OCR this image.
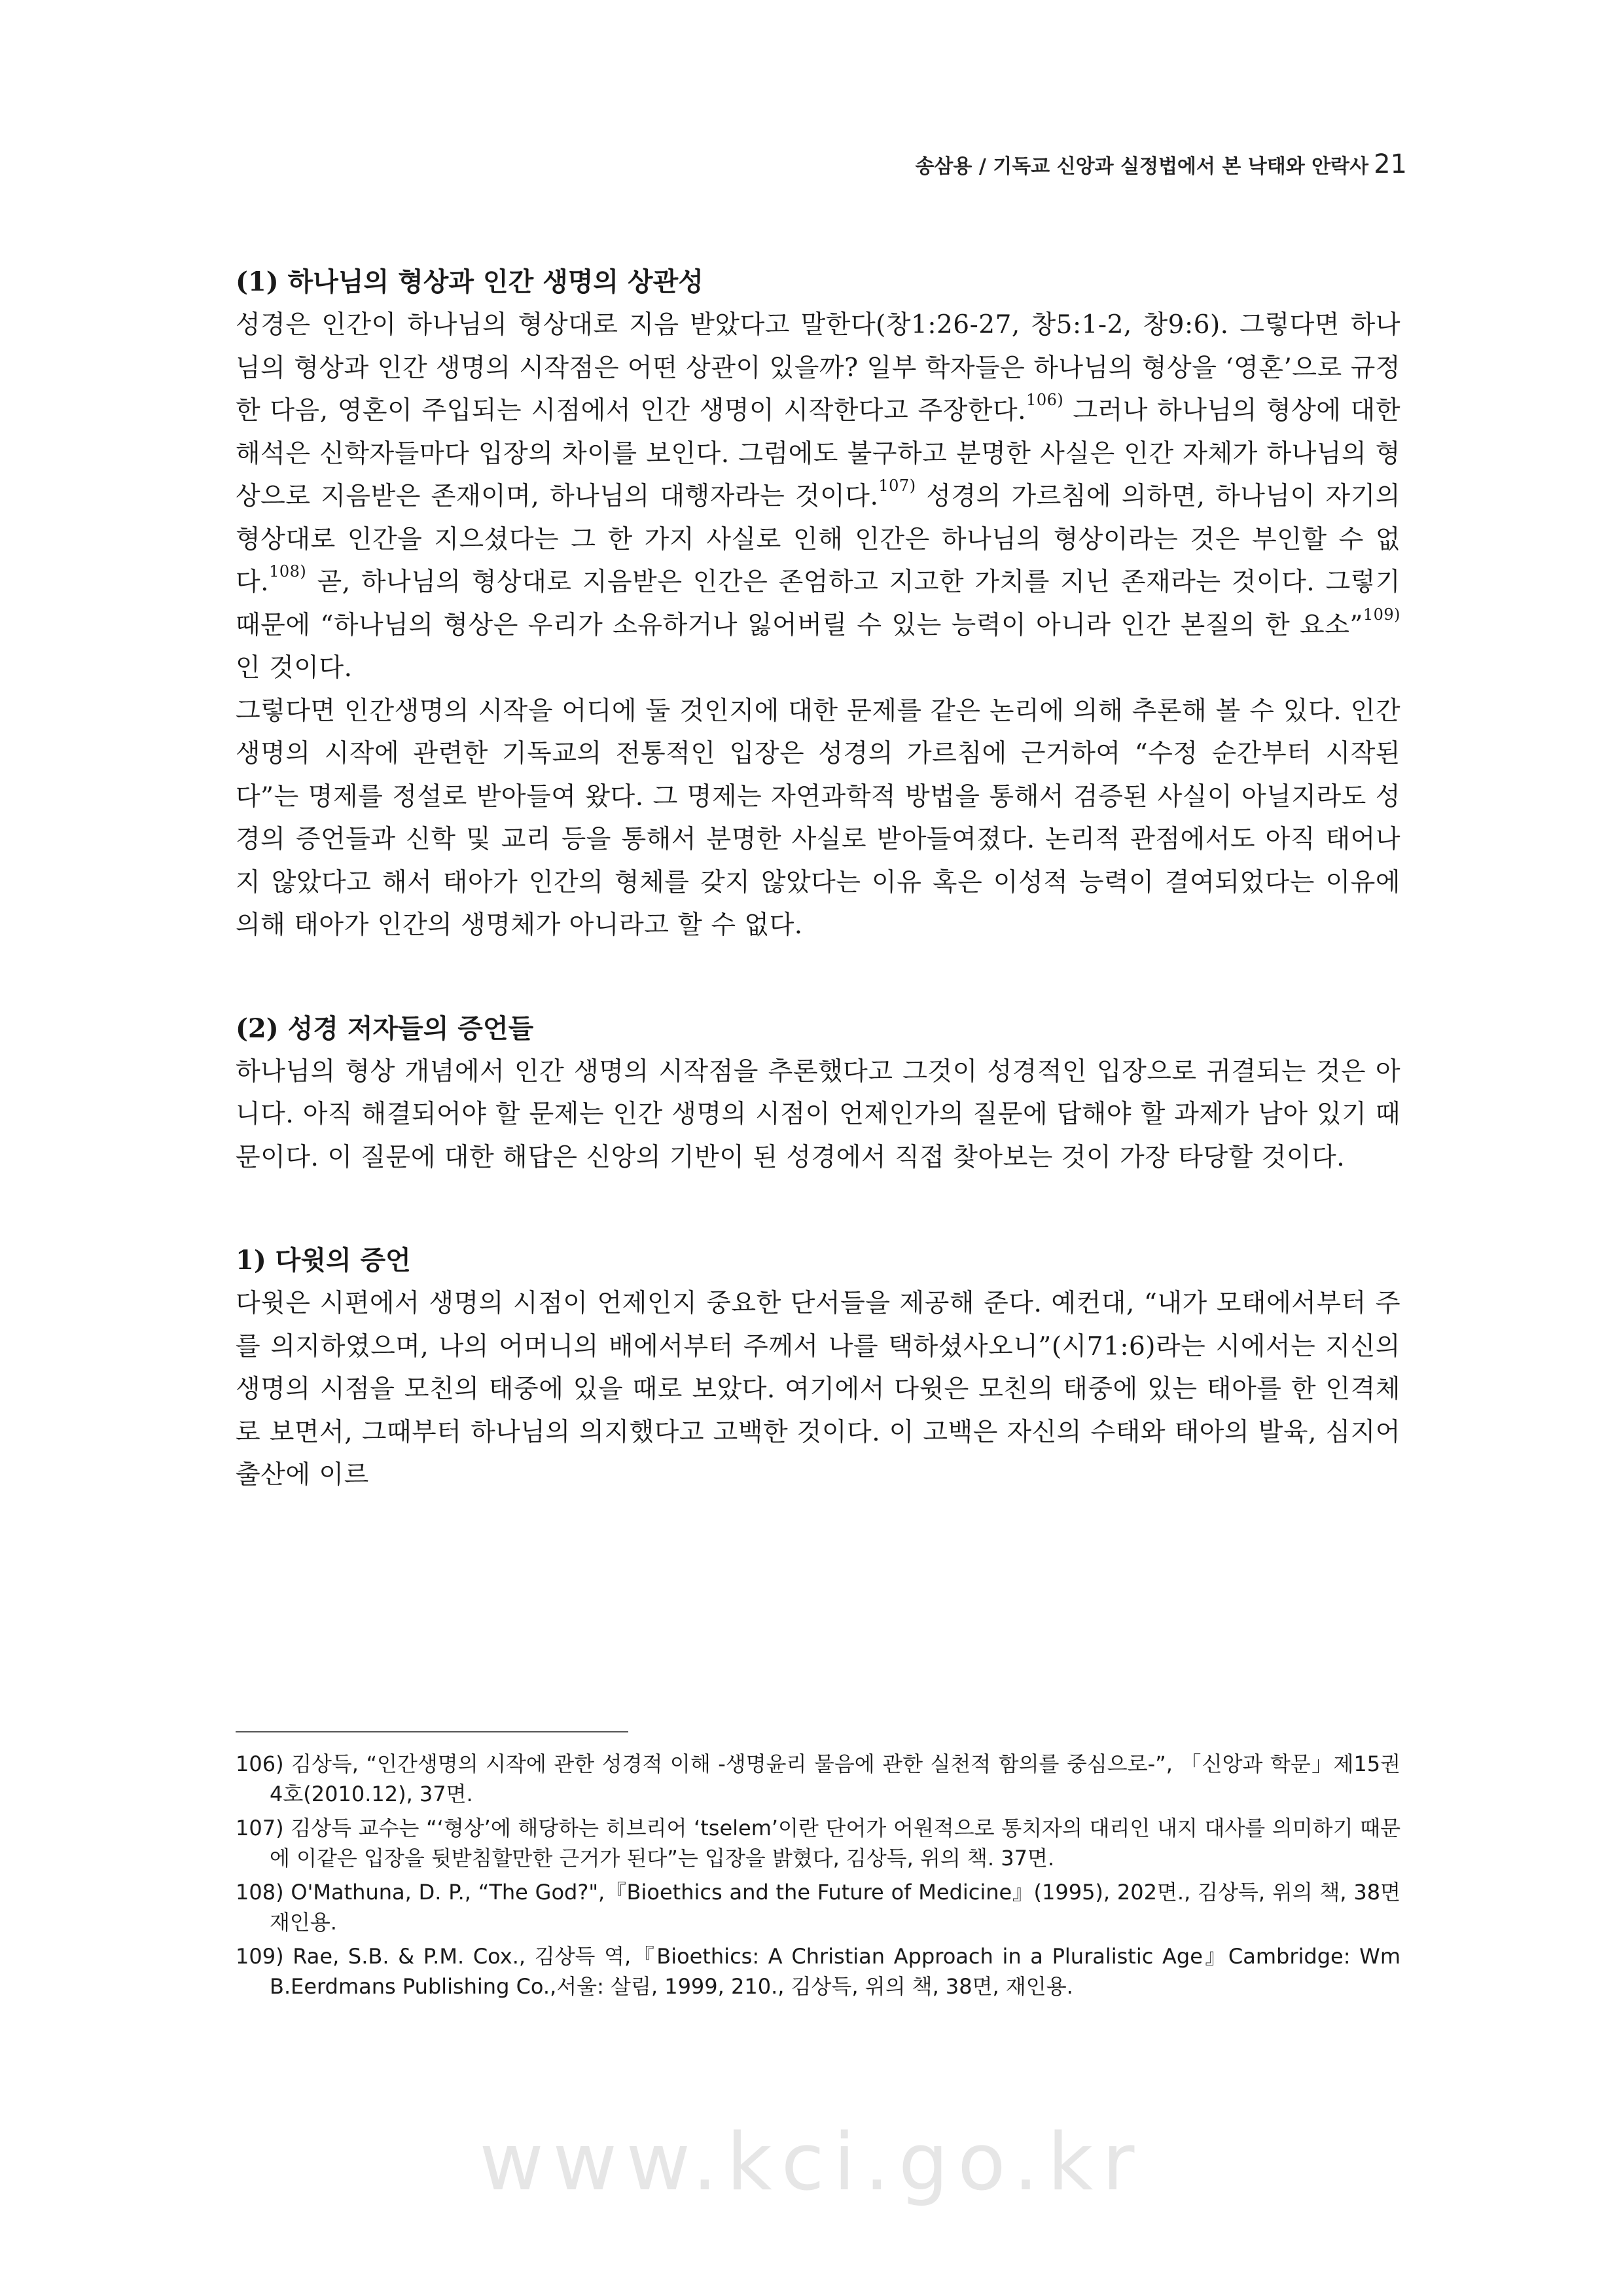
송삼용 / 기독교 신앙과 실정법에서 본 낙태와 안락사 21
(1) 하나님의 형상과 인간 생명의 상관성

성경은 인간이 하나님의 형상대로 지음 받았다고 말한다(창1:26-27, 창5:1-2, 창9:6). 그렇다면 하나님의 형상과 인간 생명의 시작점은 어떤 상관이 있을까? 일부 학자들은 하나님의 형상을 ‘영혼’으로 규정한 다음, 영혼이 주입되는 시점에서 인간 생명이 시작한다고 주장한다.$^{106)}$ 그러나 하나님의 형상에 대한 해석은 신학자들마다 입장의 차이를 보인다. 그럼에도 불구하고 분명한 사실은 인간 자체가 하나님의 형상으로 지음받은 존재이며, 하나님의 대행자라는 것이다.$^{107)}$ 성경의 가르침에 의하면, 하나님이 자기의 형상대로 인간을 지으셨다는 그 한 가지 사실로 인해 인간은 하나님의 형상이라는 것은 부인할 수 없다.$^{108)}$ 곧, 하나님의 형상대로 지음받은 인간은 존엄하고 지고한 가치를 지닌 존재라는 것이다. 그렇기 때문에 “하나님의 형상은 우리가 소유하거나 잃어버릴 수 있는 능력이 아니라 인간 본질의 한 요소”$^{109)}$인 것이다.

그렇다면 인간생명의 시작을 어디에 둘 것인지에 대한 문제를 같은 논리에 의해 추론해 볼 수 있다. 인간생명의 시작에 관련한 기독교의 전통적인 입장은 성경의 가르침에 근거하여 “수정 순간부터 시작된다”는 명제를 정설로 받아들여 왔다. 그 명제는 자연과학적 방법을 통해서 검증된 사실이 아닐지라도 성경의 증언들과 신학 및 교리 등을 통해서 분명한 사실로 받아들여졌다. 논리적 관점에서도 아직 태어나지 않았다고 해서 태아가 인간의 형체를 갖지 않았다는 이유 혹은 이성적 능력이 결여되었다는 이유에 의해 태아가 인간의 생명체가 아니라고 할 수 없다.

(2) 성경 저자들의 증언들

하나님의 형상 개념에서 인간 생명의 시작점을 추론했다고 그것이 성경적인 입장으로 귀결되는 것은 아니다. 아직 해결되어야 할 문제는 인간 생명의 시점이 언제인가의 질문에 답해야 할 과제가 남아 있기 때문이다. 이 질문에 대한 해답은 신앙의 기반이 된 성경에서 직접 찾아보는 것이 가장 타당할 것이다.

1) 다윗의 증언

다윗은 시편에서 생명의 시점이 언제인지 중요한 단서들을 제공해 준다. 예컨대, “내가 모태에서부터 주를 의지하였으며, 나의 어머니의 배에서부터 주께서 나를 택하셨사오니”(시71:6)라는 시에서는 지신의 생명의 시점을 모친의 태중에 있을 때로 보았다. 여기에서 다윗은 모친의 태중에 있는 태아를 한 인격체로 보면서, 그때부터 하나님의 의지했다고 고백한 것이다. 이 고백은 자신의 수태와 태아의 발육, 심지어 출산에 이르

106) 김상득, “인간생명의 시작에 관한 성경적 이해 -생명윤리 물음에 관한 실천적 함의를 중심으로-”, 「신앙과 학문」제15권 4호(2010.12), 37면.
107) 김상득 교수는 “‘형상’에 해당하는 히브리어 ‘tselem’이란 단어가 어원적으로 통치자의 대리인 내지 대사를 의미하기 때문에 이같은 입장을 뒷받침할만한 근거가 된다”는 입장을 밝혔다, 김상득, 위의 책. 37면.
108) O'Mathuna, D. P., “The God?",『Bioethics and the Future of Medicine』(1995), 202면., 김상득, 위의 책, 38면 재인용.
109) Rae, S.B. & P.M. Cox., 김상득 역,『Bioethics: A Christian Approach in a Pluralistic Age』Cambridge: Wm B.Eerdmans Publishing Co.,서울: 살림, 1999, 210., 김상득, 위의 책, 38면, 재인용.
www.kci.go.kr
